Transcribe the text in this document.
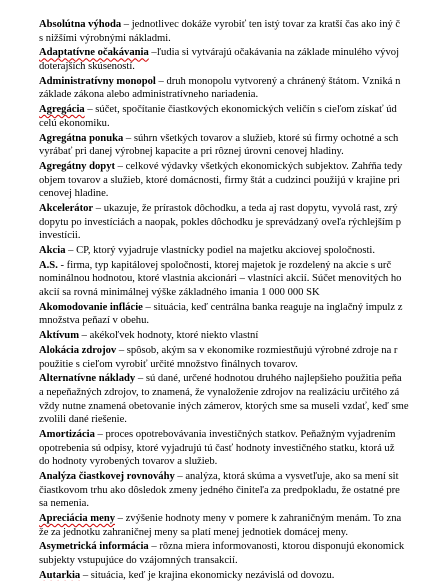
Absolútna výhoda – jednotlivec dokáže vyrobiť ten istý tovar za kratší čas ako iný č
s nižšími výrobnými nákladmi.
Adaptatívne očakávania –ľudia si vytvárajú očakávania na základe minulého vývoj
doterajších skúseností.
Administratívny monopol – druh monopolu vytvorený a chránený štátom. Vzniká n
základe zákona alebo administratívneho nariadenia.
Agregácia – súčet, spočítanie čiastkových ekonomických veličín s cieľom získať úd
celú ekonomiku.
Agregátna ponuka – súhrn všetkých tovarov a služieb, ktoré sú firmy ochotné a sch
vyrábať pri danej výrobnej kapacite a pri rôznej úrovni cenovej hladiny.
Agregátny dopyt – celkové výdavky všetkých ekonomických subjektov. Zahŕňa tedy
objem tovarov a služieb, ktoré domácnosti, firmy štát a cudzinci použijú v krajine pri
cenovej hladine.
Akcelerátor – ukazuje, že prírastok dôchodku, a teda aj rast dopytu, vyvolá rast, zrý
dopytu po investíciách a naopak, pokles dôchodku je sprevádzaný oveľa rýchlejším p
investícii.
Akcia – CP, ktorý vyjadruje vlastnícky podiel na majetku akciovej spoločnosti.
A.S. - firma, typ kapitálovej spoločnosti, ktorej majetok je rozdelený na akcie s urč
nominálnou hodnotou, ktoré vlastnia akcionári – vlastníci akcií. Súčet menovitých ho
akcií sa rovná minimálnej výške základného imania 1 000 000 SK
Akomodovanie inflácie – situácia, keď centrálna banka reaguje na inglačný impulz z
množstva peňazí v obehu.
Aktívum – akékoľvek hodnoty, ktoré niekto vlastní
Alokácia zdrojov – spôsob, akým sa v ekonomike rozmiestňujú výrobné zdroje na r
použitie s cieľom vyrobiť určité množstvo finálnych tovarov.
Alternatívne náklady – sú dané, určené hodnotou druhého najlepšieho použitia peňa
a nepeňažných zdrojov, to znamená, že vynaloženie zdrojov na realizáciu určitého zá
vždy nutne znamená obetovanie iných zámerov, ktorých sme sa museli vzdať, keď sme
zvolili dané riešenie.
Amortizácia – proces opotrebovávania investičných statkov. Peňažným vyjadrením
opotrebenia sú odpisy, ktoré vyjadrujú tú časť hodnoty investičného statku, ktorá už
do hodnoty vyrobených tovarov a služieb.
Analýza čiastkovej rovnováhy – analýza, ktorá skúma a vysvetľuje, ako sa mení sit
čiastkovom trhu ako dôsledok zmeny jedného činiteľa za predpokladu, že ostatné pre
sa nemenia.
Apreciácia meny – zvýšenie hodnoty meny v pomere k zahraničným menám. To zna
že za jednotku zahraničnej meny sa platí menej jednotiek domácej meny.
Asymetrická informácia – rôzna miera informovanosti, ktorou disponujú ekonomick
subjekty vstupujúce do vzájomných transakcií.
Autarkia – situácia, keď je krajina ekonomicky nezávislá od dovozu.
